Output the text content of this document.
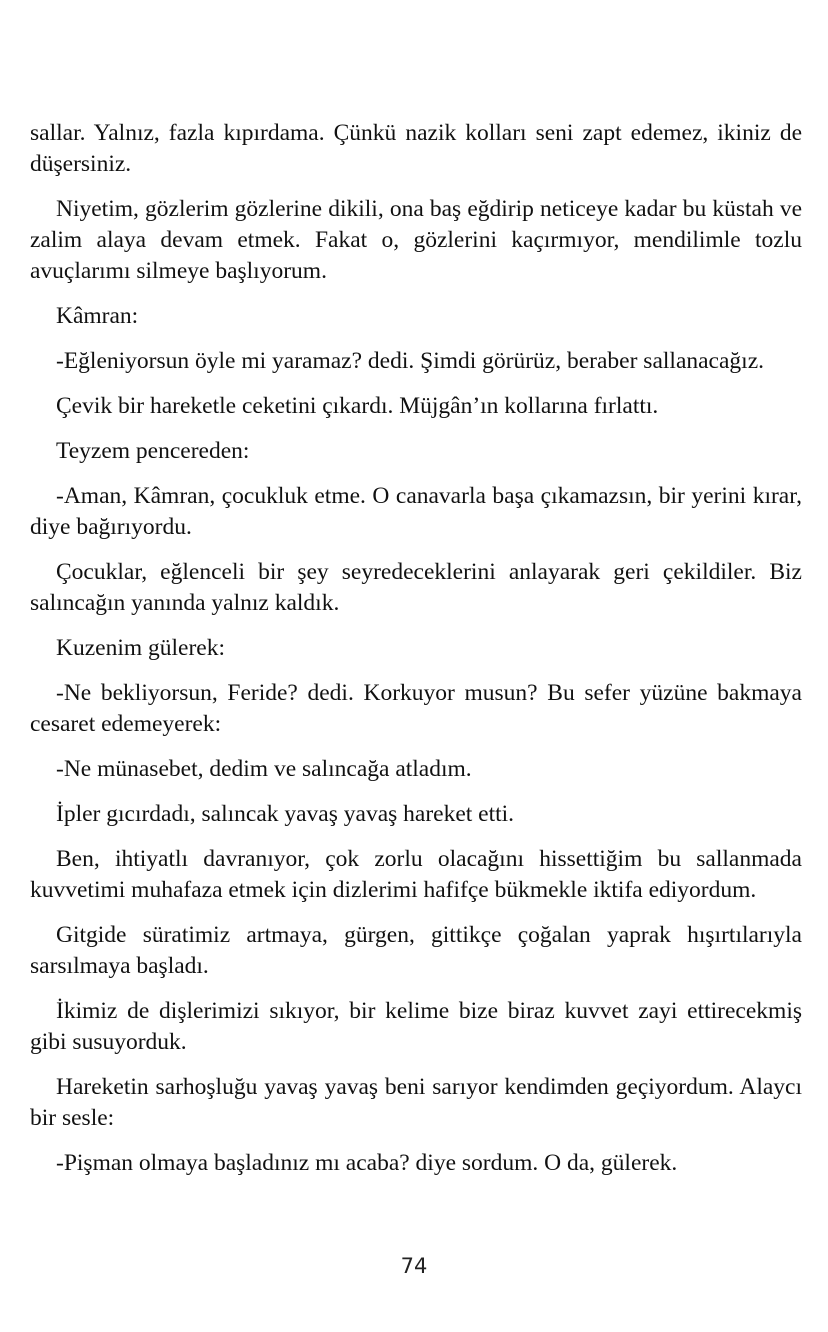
sallar. Yalnız, fazla kıpırdama. Çünkü nazik kolları seni zapt edemez, ikiniz de düşersiniz.

Niyetim, gözlerim gözlerine dikili, ona baş eğdirip neticeye kadar bu küstah ve zalim alaya devam etmek. Fakat o, gözlerini kaçırmıyor, mendilimle tozlu avuçlarımı silmeye başlıyorum.

Kâmran:

-Eğleniyorsun öyle mi yaramaz? dedi. Şimdi görürüz, beraber sallanacağız.

Çevik bir hareketle ceketini çıkardı. Müjgân’ın kollarına fırlattı.

Teyzem pencereden:

-Aman, Kâmran, çocukluk etme. O canavarla başa çıkamazsın, bir yerini kırar, diye bağırıyordu.

Çocuklar, eğlenceli bir şey seyredeceklerini anlayarak geri çekildiler. Biz salıncağın yanında yalnız kaldık.

Kuzenim gülerek:

-Ne bekliyorsun, Feride? dedi. Korkuyor musun? Bu sefer yüzüne bakmaya cesaret edemeyerek:

-Ne münasebet, dedim ve salıncağa atladım.

İpler gıcırdadı, salıncak yavaş yavaş hareket etti.

Ben, ihtiyatlı davranıyor, çok zorlu olacağını hissettiğim bu sallanmada kuvvetimi muhafaza etmek için dizlerimi hafifçe bükmekle iktifa ediyordum.

Gitgide süratimiz artmaya, gürgen, gittikçe çoğalan yaprak hışırtılarıyla sarsılmaya başladı.

İkimiz de dişlerimizi sıkıyor, bir kelime bize biraz kuvvet zayi ettirecekmiş gibi susuyorduk.

Hareketin sarhoşluğu yavaş yavaş beni sarıyor kendimden geçiyordum. Alaycı bir sesle:

-Pişman olmaya başladınız mı acaba? diye sordum. O da, gülerek.

74
